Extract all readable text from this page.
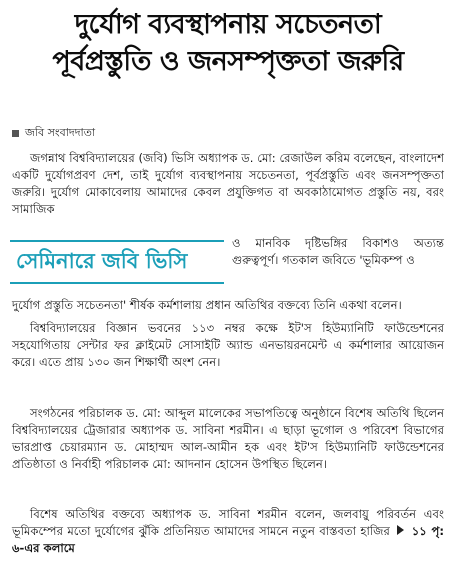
দুর্যোগ ব্যবস্থাপনায় সচেতনতা
পূর্বপ্রস্তুতি ও জনসম্পৃক্ততা জরুরি
জবি সংবাদদাতা
জগন্নাথ বিশ্ববিদ্যালয়ের (জবি) ভিসি অধ্যাপক ড. মো: রেজাউল করিম বলেছেন, বাংলাদেশ একটি দুর্যোগপ্রবণ দেশ, তাই দুর্যোগ ব্যবস্থাপনায় সচেতনতা, পূর্বপ্রস্তুতি এবং জনসম্পৃক্ততা জরুরি। দুর্যোগ মোকাবেলায় আমাদের কেবল প্রযুক্তিগত বা অবকাঠামোগত প্রস্তুতি নয়, বরং সামাজিক
সেমিনারে জবি ভিসি
ও মানবিক দৃষ্টিভঙ্গির বিকাশও অত্যন্ত গুরুত্বপূর্ণ। গতকাল জবিতে 'ভূমিকম্প ও
দুর্যোগ প্রস্তুতি সচেতনতা' শীর্ষক কর্মশালায় প্রধান অতিথির বক্তব্যে তিনি একথা বলেন।
বিশ্ববিদ্যালয়ের বিজ্ঞান ভবনের ১১৩ নম্বর কক্ষে ইট'স হিউম্যানিটি ফাউন্ডেশনের সহযোগিতায় সেন্টার ফর ক্লাইমেট সোসাইটি অ্যান্ড এনভায়রনমেন্ট এ কর্মশালার আয়োজন করে। এতে প্রায় ১৩০ জন শিক্ষার্থী অংশ নেন।
সংগঠনের পরিচালক ড. মো: আব্দুল মালেকের সভাপতিত্বে অনুষ্ঠানে বিশেষ অতিথি ছিলেন বিশ্ববিদ্যালয়ের ট্রেজারার অধ্যাপক ড. সাবিনা শরমীন। এ ছাড়া ভূগোল ও পরিবেশ বিভাগের ভারপ্রাপ্ত চেয়ারম্যান ড. মোহাম্মদ আল-আমীন হক এবং ইট'স হিউম্যানিটি ফাউন্ডেশনের প্রতিষ্ঠাতা ও নির্বাহী পরিচালক মো: আদনান হোসেন উপস্থিত ছিলেন।
বিশেষ অতিথির বক্তব্যে অধ্যাপক ড. সাবিনা শরমীন বলেন, জলবায়ু পরিবর্তন এবং ভূমিকম্পের মতো দুর্যোগের ঝুঁকি প্রতিনিয়ত আমাদের সামনে নতুন বাস্তবতা হাজির ১১ পৃ: ৬-এর কলামে
